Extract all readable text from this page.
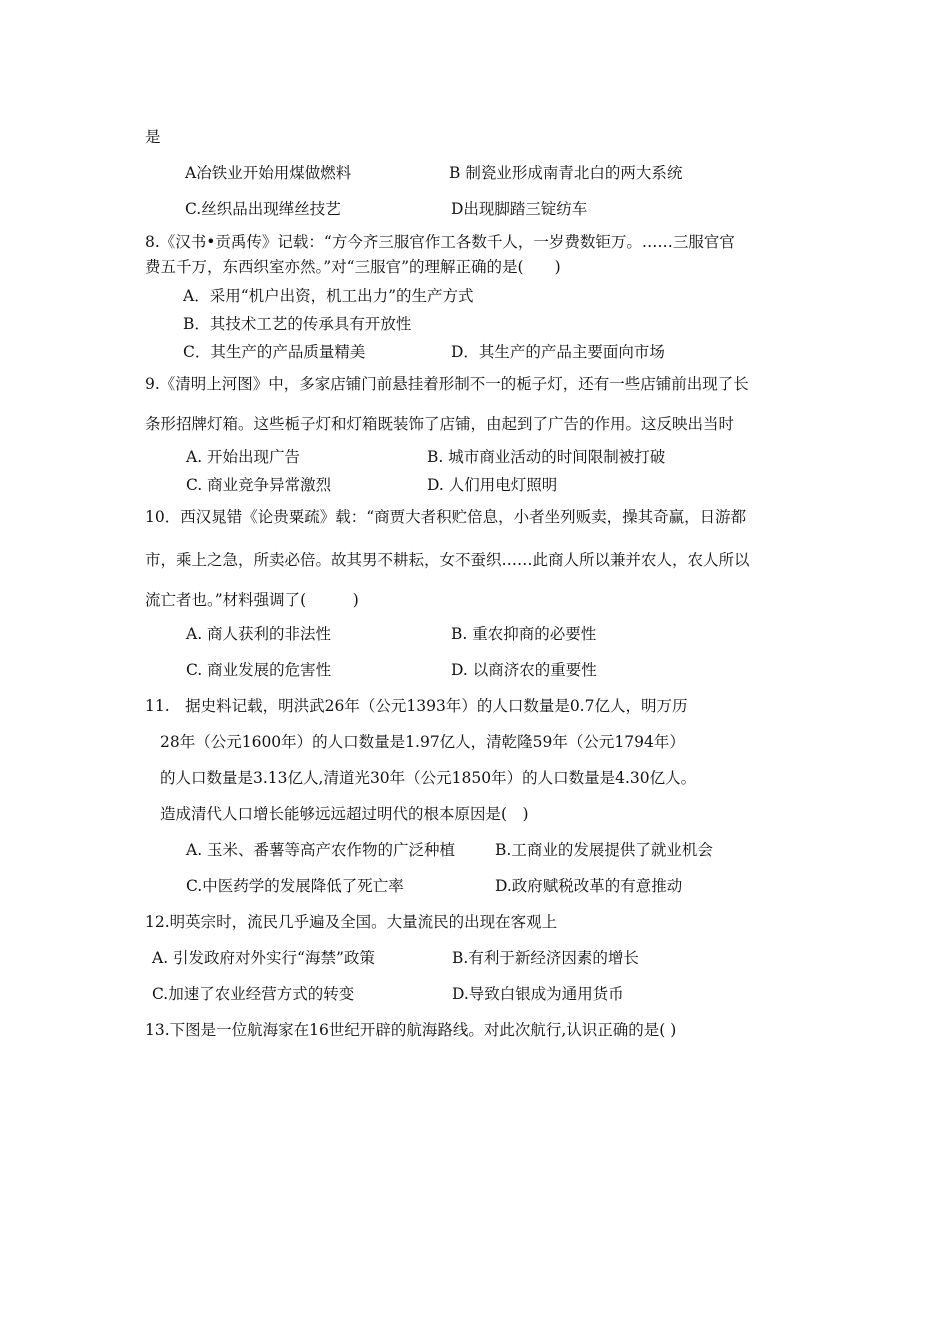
是
A冶铁业开始用煤做燃料	B 制瓷业形成南青北白的两大系统
C.丝织品出现缂丝技艺	D出现脚踏三锭纺车
8.《汉书•贡禹传》记载：“方今齐三服官作工各数千人，一岁费数钜万。……三服官官
费五千万，东西织室亦然。”对“三服官”的理解正确的是(　　)
A．采用“机户出资，机工出力”的生产方式
B．其技术工艺的传承具有开放性
C．其生产的产品质量精美	D．其生产的产品主要面向市场
9.《清明上河图》中，多家店铺门前悬挂着形制不一的栀子灯，还有一些店铺前出现了长
条形招牌灯箱。这些栀子灯和灯箱既装饰了店铺，由起到了广告的作用。这反映出当时
A. 开始出现广告	B. 城市商业活动的时间限制被打破
C. 商业竞争异常激烈	D. 人们用电灯照明
10．西汉晁错《论贵粟疏》载：“商贾大者积贮倍息，小者坐列贩卖，操其奇赢，日游都
市，乘上之急，所卖必倍。故其男不耕耘，女不蚕织……此商人所以兼并农人，农人所以
流亡者也。”材料强调了(　　　)
A. 商人获利的非法性	B. 重农抑商的必要性
C. 商业发展的危害性	D. 以商济农的重要性
11.　据史料记载，明洪武26年（公元1393年）的人口数量是0.7亿人，明万历
28年（公元1600年）的人口数量是1.97亿人，清乾隆59年（公元1794年）
的人口数量是3.13亿人,清道光30年（公元1850年）的人口数量是4.30亿人。
造成清代人口增长能够远远超过明代的根本原因是(　)
A. 玉米、番薯等高产农作物的广泛种植	B.工商业的发展提供了就业机会
C.中医药学的发展降低了死亡率	D.政府赋税改革的有意推动
12.明英宗时，流民几乎遍及全国。大量流民的出现在客观上
A. 引发政府对外实行“海禁”政策	B.有利于新经济因素的增长
C.加速了农业经营方式的转变	D.导致白银成为通用货币
13.下图是一位航海家在16世纪开辟的航海路线。对此次航行,认识正确的是( )
